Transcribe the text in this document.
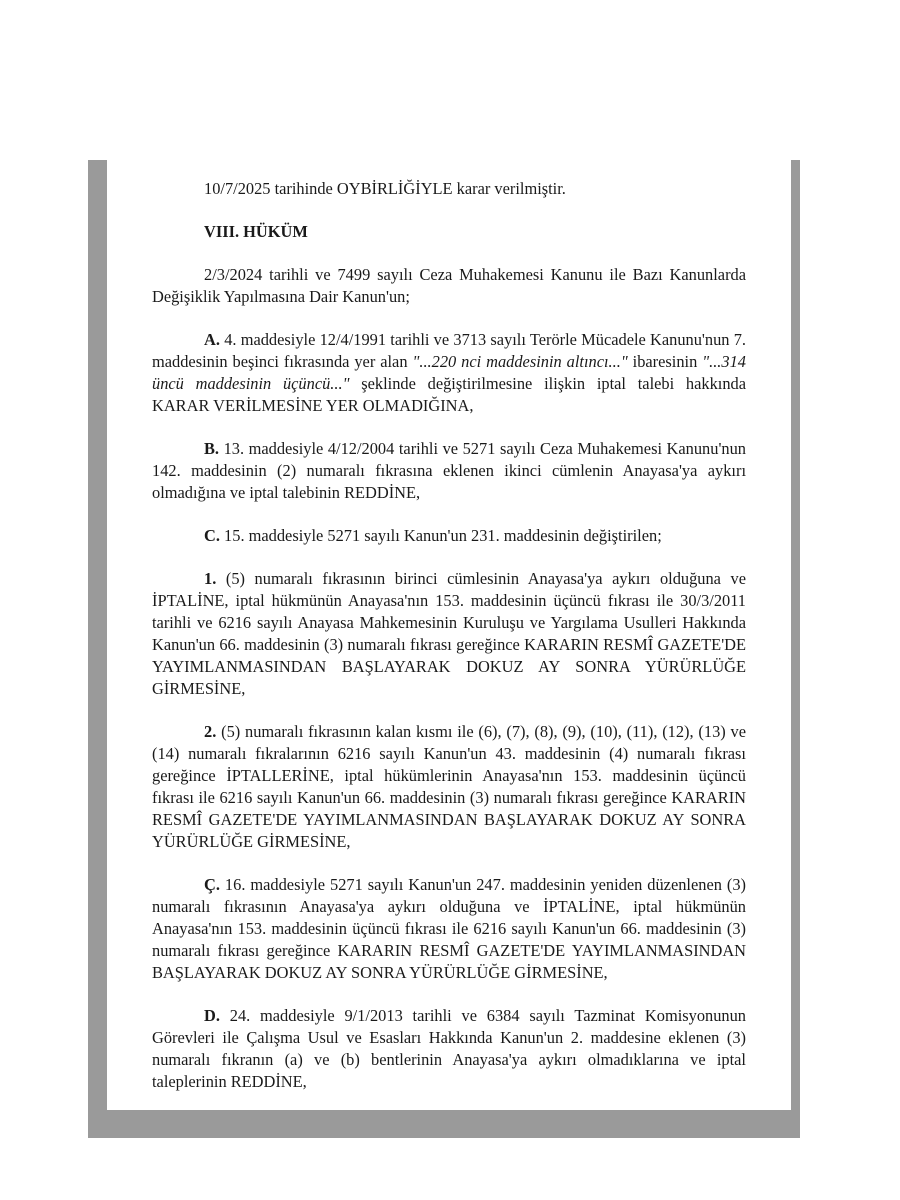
10/7/2025 tarihinde OYBİRLİĞİYLE karar verilmiştir.

VIII. HÜKÜM

2/3/2024 tarihli ve 7499 sayılı Ceza Muhakemesi Kanunu ile Bazı Kanunlarda Değişiklik Yapılmasına Dair Kanun'un;

A. 4. maddesiyle 12/4/1991 tarihli ve 3713 sayılı Terörle Mücadele Kanunu'nun 7. maddesinin beşinci fıkrasında yer alan "...220 nci maddesinin altıncı..." ibaresinin "...314 üncü maddesinin üçüncü..." şeklinde değiştirilmesine ilişkin iptal talebi hakkında KARAR VERİLMESİNE YER OLMADIĞINA,

B. 13. maddesiyle 4/12/2004 tarihli ve 5271 sayılı Ceza Muhakemesi Kanunu'nun 142. maddesinin (2) numaralı fıkrasına eklenen ikinci cümlenin Anayasa'ya aykırı olmadığına ve iptal talebinin REDDİNE,

C. 15. maddesiyle 5271 sayılı Kanun'un 231. maddesinin değiştirilen;

1. (5) numaralı fıkrasının birinci cümlesinin Anayasa'ya aykırı olduğuna ve İPTALİNE, iptal hükmünün Anayasa'nın 153. maddesinin üçüncü fıkrası ile 30/3/2011 tarihli ve 6216 sayılı Anayasa Mahkemesinin Kuruluşu ve Yargılama Usulleri Hakkında Kanun'un 66. maddesinin (3) numaralı fıkrası gereğince KARARIN RESMÎ GAZETE'DE YAYIMLANMASINDAN BAŞLAYARAK DOKUZ AY SONRA YÜRÜRLÜĞE GİRMESİNE,

2. (5) numaralı fıkrasının kalan kısmı ile (6), (7), (8), (9), (10), (11), (12), (13) ve (14) numaralı fıkralarının 6216 sayılı Kanun'un 43. maddesinin (4) numaralı fıkrası gereğince İPTALLERİNE, iptal hükümlerinin Anayasa'nın 153. maddesinin üçüncü fıkrası ile 6216 sayılı Kanun'un 66. maddesinin (3) numaralı fıkrası gereğince KARARIN RESMÎ GAZETE'DE YAYIMLANMASINDAN BAŞLAYARAK DOKUZ AY SONRA YÜRÜRLÜĞE GİRMESİNE,

Ç. 16. maddesiyle 5271 sayılı Kanun'un 247. maddesinin yeniden düzenlenen (3) numaralı fıkrasının Anayasa'ya aykırı olduğuna ve İPTALİNE, iptal hükmünün Anayasa'nın 153. maddesinin üçüncü fıkrası ile 6216 sayılı Kanun'un 66. maddesinin (3) numaralı fıkrası gereğince KARARIN RESMÎ GAZETE'DE YAYIMLANMASINDAN BAŞLAYARAK DOKUZ AY SONRA YÜRÜRLÜĞE GİRMESİNE,

D. 24. maddesiyle 9/1/2013 tarihli ve 6384 sayılı Tazminat Komisyonunun Görevleri ile Çalışma Usul ve Esasları Hakkında Kanun'un 2. maddesine eklenen (3) numaralı fıkranın (a) ve (b) bentlerinin Anayasa'ya aykırı olmadıklarına ve iptal taleplerinin REDDİNE,
